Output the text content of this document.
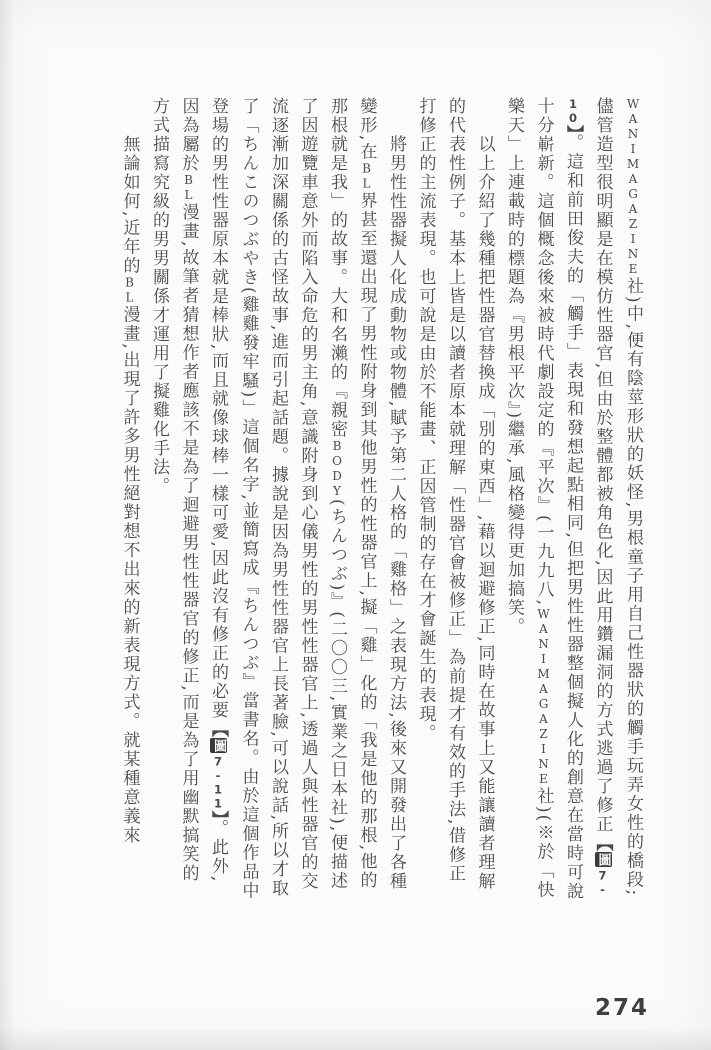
WANIMAGAZINE社)中,便有陰莖形狀的妖怪,男根童子用自己性器狀的觸手玩弄女性的橋段;儘管造型很明顯是在模仿性器官,但由於整體都被角色化,因此用鑽漏洞的方式逃過了修正【圖7-10】。這和前田俊夫的「觸手」表現和發想起點相同,但把男性性器整個擬人化的創意在當時可說十分嶄新。這個概念後來被時代劇設定的『平次』(一九九八,WANIMAGAZINE社)(※於「快樂天」上連載時的標題為『男根平次』)繼承,風格變得更加搞笑。

以上介紹了幾種把性器官替換成「別的東西」,藉以迴避修正,同時在故事上又能讓讀者理解的代表性例子。基本上皆是以讀者原本就理解「性器官會被修正」為前提才有效的手法,借修正打修正的主流表現。也可說是由於不能畫、正因管制的存在才會誕生的表現。

將男性性器擬人化成動物或物體,賦予第二人格的「雞格」之表現方法,後來又開發出了各種變形,在BL界甚至還出現了男性附身到其他男性的性器官上,擬「雞」化的「我是他的那根,他的那根就是我」的故事。大和名瀨的『親密BODY(ちんつぶ)』(二〇〇三,實業之日本社),便描述了因遊覽車意外而陷入命危的男主角,意識附身到心儀男性的男性性器官上,透過人與性器官的交流逐漸加深關係的古怪故事,進而引起話題。據說是因為男性性器官上長著臉,可以說話,所以才取了「ちんこのつぶやき(雞雞發牢騷)」這個名字,並簡寫成『ちんつぶ』當書名。由於這個作品中登場的男性性器原本就是棒狀,而且就像球棒一樣可愛,因此沒有修正的必要【圖7-11】。此外,因為屬於BL漫畫,故筆者猜想作者應該不是為了迴避男性性器官的修正,而是為了用幽默搞笑的方式描寫究級的男男關係才運用了擬雞化手法。

無論如何,近年的BL漫畫,出現了許多男性絕對想不出來的新表現方式。就某種意義來

274
